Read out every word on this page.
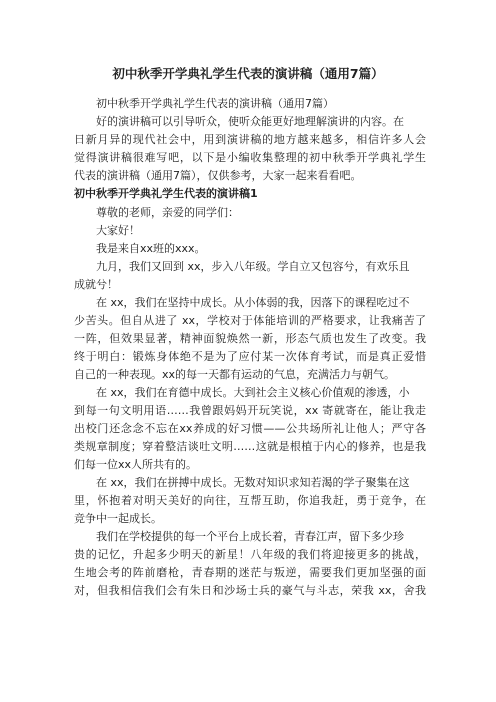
初中秋季开学典礼学生代表的演讲稿（通用7篇）
初中秋季开学典礼学生代表的演讲稿（通用7篇）
好的演讲稿可以引导听众，使听众能更好地理解演讲的内容。在
日新月异的现代社会中，用到演讲稿的地方越来越多，相信许多人会
觉得演讲稿很难写吧，以下是小编收集整理的初中秋季开学典礼学生
代表的演讲稿（通用7篇），仅供参考，大家一起来看看吧。
初中秋季开学典礼学生代表的演讲稿1
尊敬的老师，亲爱的同学们：
大家好！
我是来自xx班的xxx。
九月，我们又回到 xx，步入八年级。学自立又包容兮，有欢乐且
成就兮！
在 xx，我们在坚持中成长。从小体弱的我，因落下的课程吃过不
少苦头。但自从进了 xx，学校对于体能培训的严格要求，让我痛苦了
一阵，但效果显著，精神面貌焕然一新，形态气质也发生了改变。我
终于明白：锻炼身体绝不是为了应付某一次体育考试，而是真正爱惜
自己的一种表现。xx的每一天都有运动的气息，充满活力与朝气。
在 xx，我们在育德中成长。大到社会主义核心价值观的渗透，小
到每一句文明用语……我曾跟妈妈开玩笑说，xx 寄就寄在，能让我走
出校门还念念不忘在xx养成的好习惯——公共场所礼让他人；严守各
类规章制度；穿着整洁谈吐文明……这就是根植于内心的修养，也是我
们每一位xx人所共有的。
在 xx，我们在拼搏中成长。无数对知识求知若渴的学子聚集在这
里，怀抱着对明天美好的向往，互帮互助，你追我赶，勇于竞争，在
竞争中一起成长。
我们在学校提供的每一个平台上成长着，青春江声，留下多少珍
贵的记忆，升起多少明天的新星！八年级的我们将迎接更多的挑战，
生地会考的阵前磨枪，青春期的迷茫与叛逆，需要我们更加坚强的面
对，但我相信我们会有朱日和沙场士兵的豪气与斗志，荣我 xx，舍我
